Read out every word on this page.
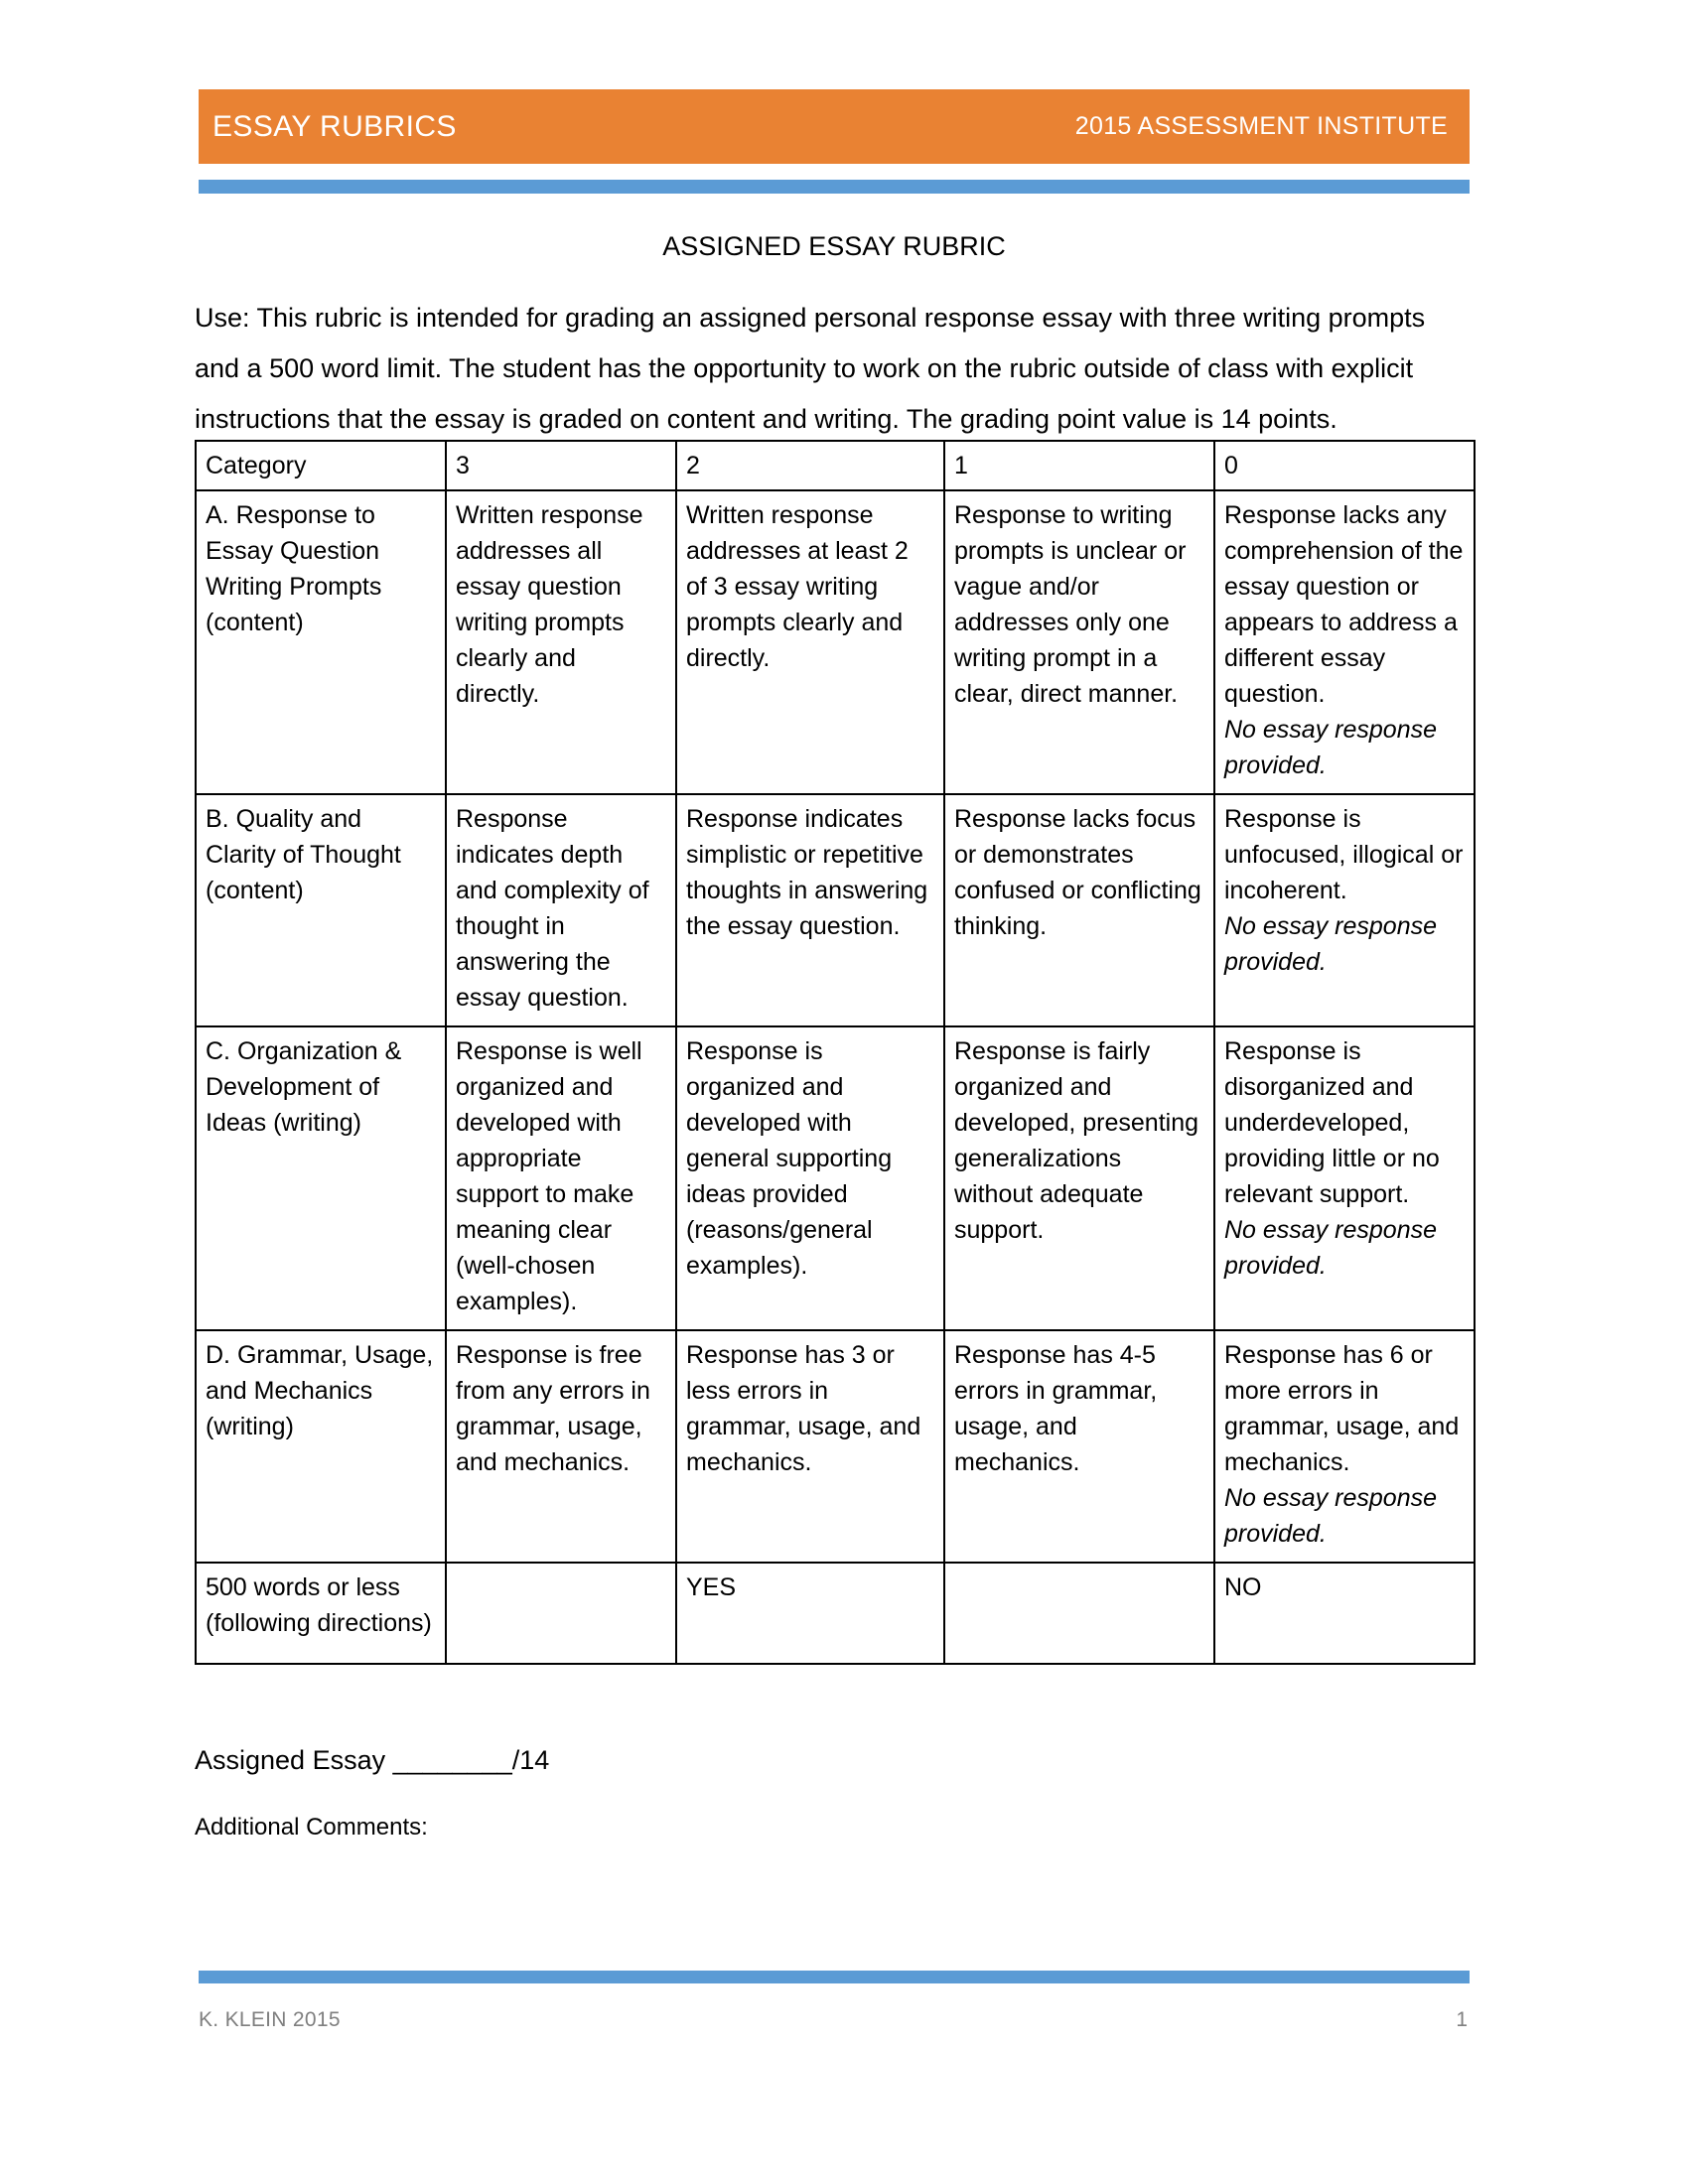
ESSAY RUBRICS	2015 ASSESSMENT INSTITUTE
ASSIGNED ESSAY RUBRIC
Use: This rubric is intended for grading an assigned personal response essay with three writing prompts and a 500 word limit. The student has the opportunity to work on the rubric outside of class with explicit instructions that the essay is graded on content and writing. The grading point value is 14 points.
Category	3	2	1	0
A. Response to Essay Question Writing Prompts (content)	Written response addresses all essay question writing prompts clearly and directly.	Written response addresses at least 2 of 3 essay writing prompts clearly and directly.	Response to writing prompts is unclear or vague and/or addresses only one writing prompt in a clear, direct manner.	Response lacks any comprehension of the essay question or appears to address a different essay question.
No essay response provided.

B. Quality and Clarity of Thought (content)	Response indicates depth and complexity of thought in answering the essay question.	Response indicates simplistic or repetitive thoughts in answering the essay question.	Response lacks focus or demonstrates confused or conflicting thinking.	Response is unfocused, illogical or incoherent.
No essay response provided.

C. Organization & Development of Ideas (writing)	Response is well organized and developed with appropriate support to make meaning clear (well-chosen examples).	Response is organized and developed with general supporting ideas provided (reasons/general examples).	Response is fairly organized and developed, presenting generalizations without adequate support.	Response is disorganized and underdeveloped, providing little or no relevant support.
No essay response provided.

D. Grammar, Usage, and Mechanics (writing)	Response is free from any errors in grammar, usage, and mechanics.	Response has 3 or less errors in grammar, usage, and mechanics.	Response has 4-5 errors in grammar, usage, and mechanics.	Response has 6 or more errors in grammar, usage, and mechanics.
No essay response provided.

500 words or less (following directions)		YES		NO
Assigned Essay ________/14
Additional Comments:
K. KLEIN 2015	1
